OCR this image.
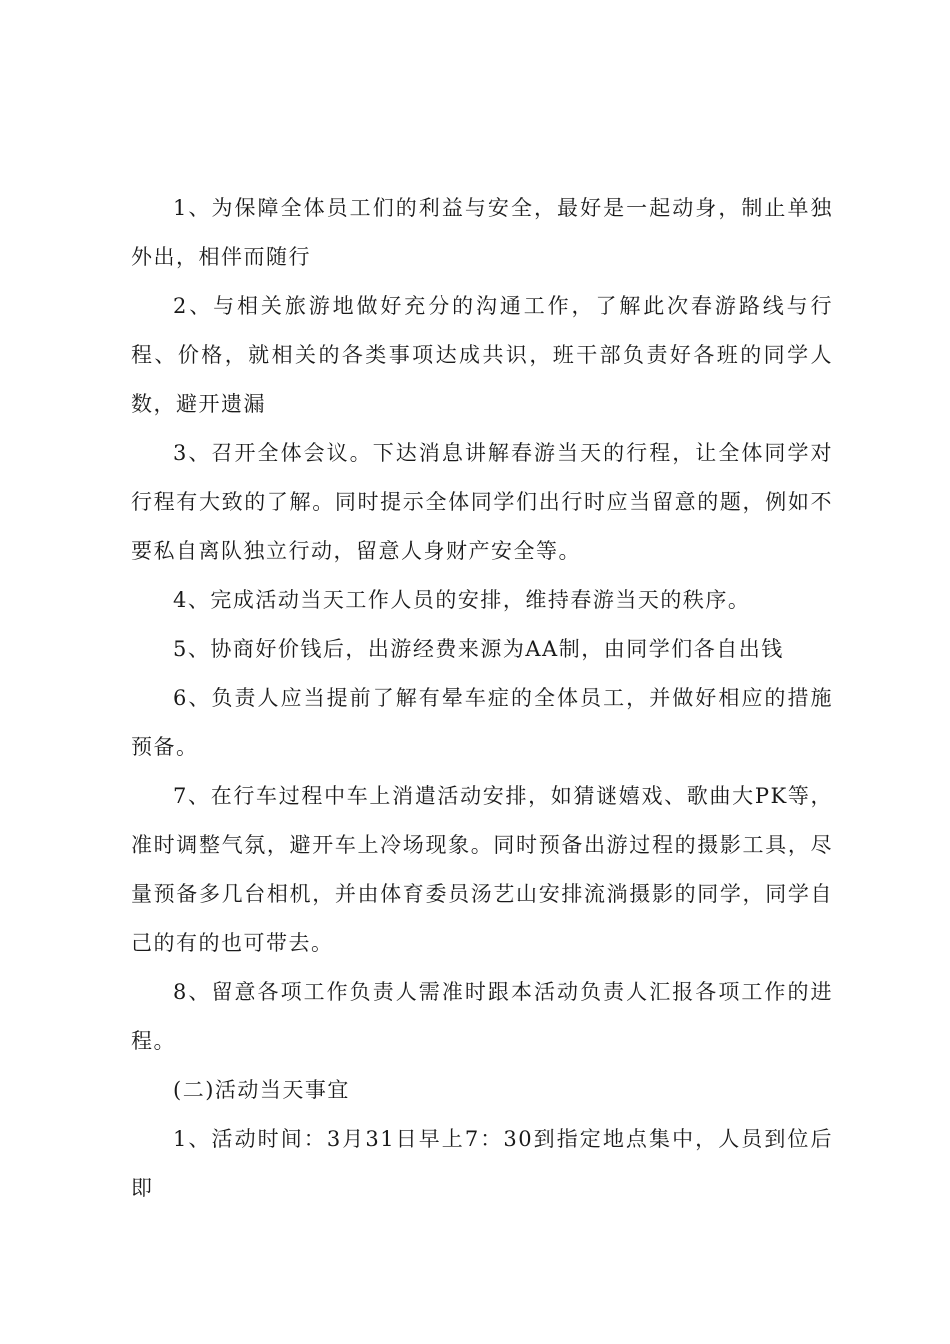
1、为保障全体员工们的利益与安全，最好是一起动身，制止单独外出，相伴而随行

2、与相关旅游地做好充分的沟通工作，了解此次春游路线与行程、价格，就相关的各类事项达成共识，班干部负责好各班的同学人数，避开遗漏

3、召开全体会议。下达消息讲解春游当天的行程，让全体同学对行程有大致的了解。同时提示全体同学们出行时应当留意的题，例如不要私自离队独立行动，留意人身财产安全等。

4、完成活动当天工作人员的安排，维持春游当天的秩序。

5、协商好价钱后，出游经费来源为AA制，由同学们各自出钱

6、负责人应当提前了解有晕车症的全体员工，并做好相应的措施预备。

7、在行车过程中车上消遣活动安排，如猜谜嬉戏、歌曲大PK等，准时调整气氛，避开车上冷场现象。同时预备出游过程的摄影工具，尽量预备多几台相机，并由体育委员汤艺山安排流淌摄影的同学，同学自己的有的也可带去。

8、留意各项工作负责人需准时跟本活动负责人汇报各项工作的进程。

(二)活动当天事宜

1、活动时间：3月31日早上7：30到指定地点集中，人员到位后即
